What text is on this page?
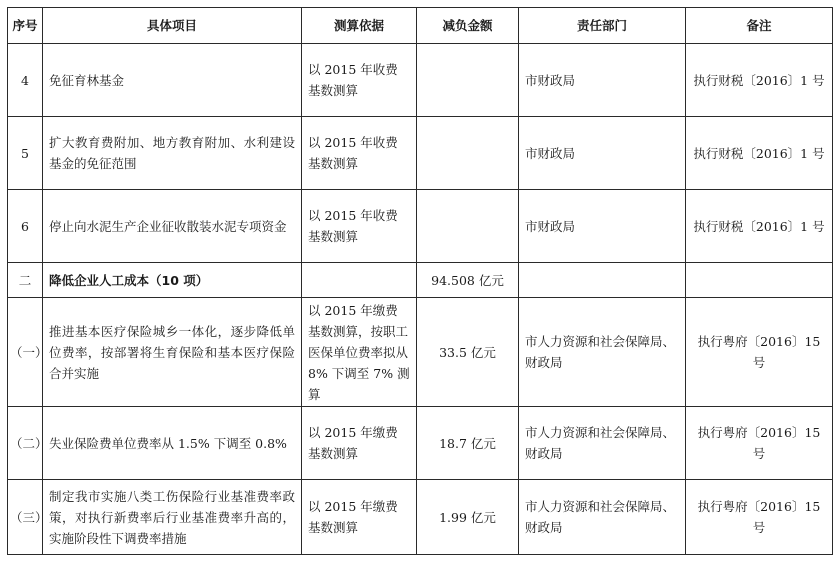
序号	具体项目	测算依据	减负金额	责任部门	备注
4	免征育林基金	以 2015 年收费基数测算		市财政局	执行财税〔2016〕1 号
5	扩大教育费附加、地方教育附加、水利建设基金的免征范围	以 2015 年收费基数测算		市财政局	执行财税〔2016〕1 号
6	停止向水泥生产企业征收散装水泥专项资金	以 2015 年收费基数测算		市财政局	执行财税〔2016〕1 号
二	降低企业人工成本（10 项）		94.508 亿元		
（一）	推进基本医疗保险城乡一体化，逐步降低单位费率，按部署将生育保险和基本医疗保险合并实施	以 2015 年缴费基数测算，按职工医保单位费率拟从 8% 下调至 7% 测算	33.5 亿元	市人力资源和社会保障局、财政局	执行粤府〔2016〕15 号
（二）	失业保险费单位费率从 1.5% 下调至 0.8%	以 2015 年缴费基数测算	18.7 亿元	市人力资源和社会保障局、财政局	执行粤府〔2016〕15 号
（三）	制定我市实施八类工伤保险行业基准费率政策，对执行新费率后行业基准费率升高的，实施阶段性下调费率措施	以 2015 年缴费基数测算	1.99 亿元	市人力资源和社会保障局、财政局	执行粤府〔2016〕15 号
